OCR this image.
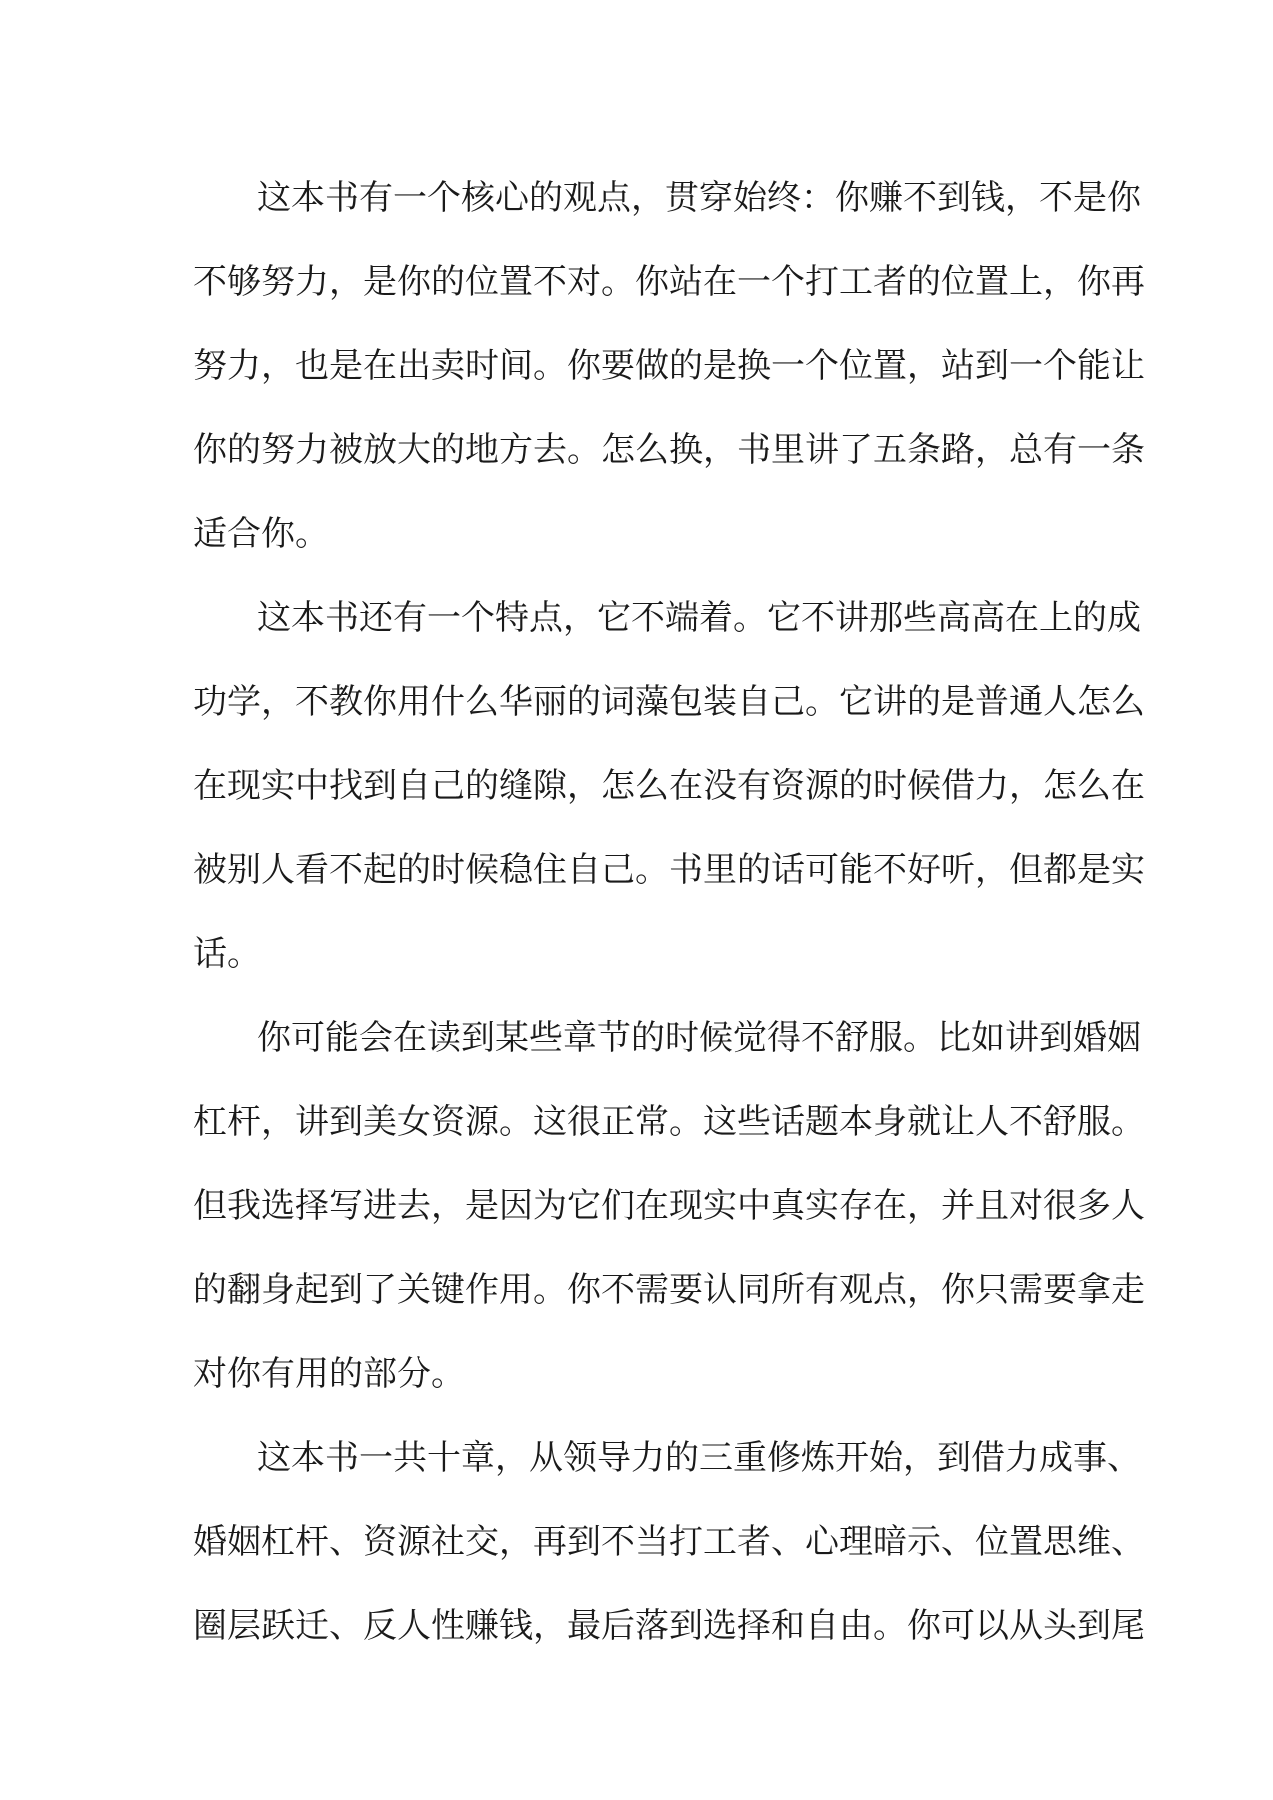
这本书有一个核心的观点，贯穿始终：你赚不到钱，不是你
不够努力，是你的位置不对。你站在一个打工者的位置上，你再
努力，也是在出卖时间。你要做的是换一个位置，站到一个能让
你的努力被放大的地方去。怎么换，书里讲了五条路，总有一条
适合你。
这本书还有一个特点，它不端着。它不讲那些高高在上的成
功学，不教你用什么华丽的词藻包装自己。它讲的是普通人怎么
在现实中找到自己的缝隙，怎么在没有资源的时候借力，怎么在
被别人看不起的时候稳住自己。书里的话可能不好听，但都是实
话。
你可能会在读到某些章节的时候觉得不舒服。比如讲到婚姻
杠杆，讲到美女资源。这很正常。这些话题本身就让人不舒服。
但我选择写进去，是因为它们在现实中真实存在，并且对很多人
的翻身起到了关键作用。你不需要认同所有观点，你只需要拿走
对你有用的部分。
这本书一共十章，从领导力的三重修炼开始，到借力成事、
婚姻杠杆、资源社交，再到不当打工者、心理暗示、位置思维、
圈层跃迁、反人性赚钱，最后落到选择和自由。你可以从头到尾
